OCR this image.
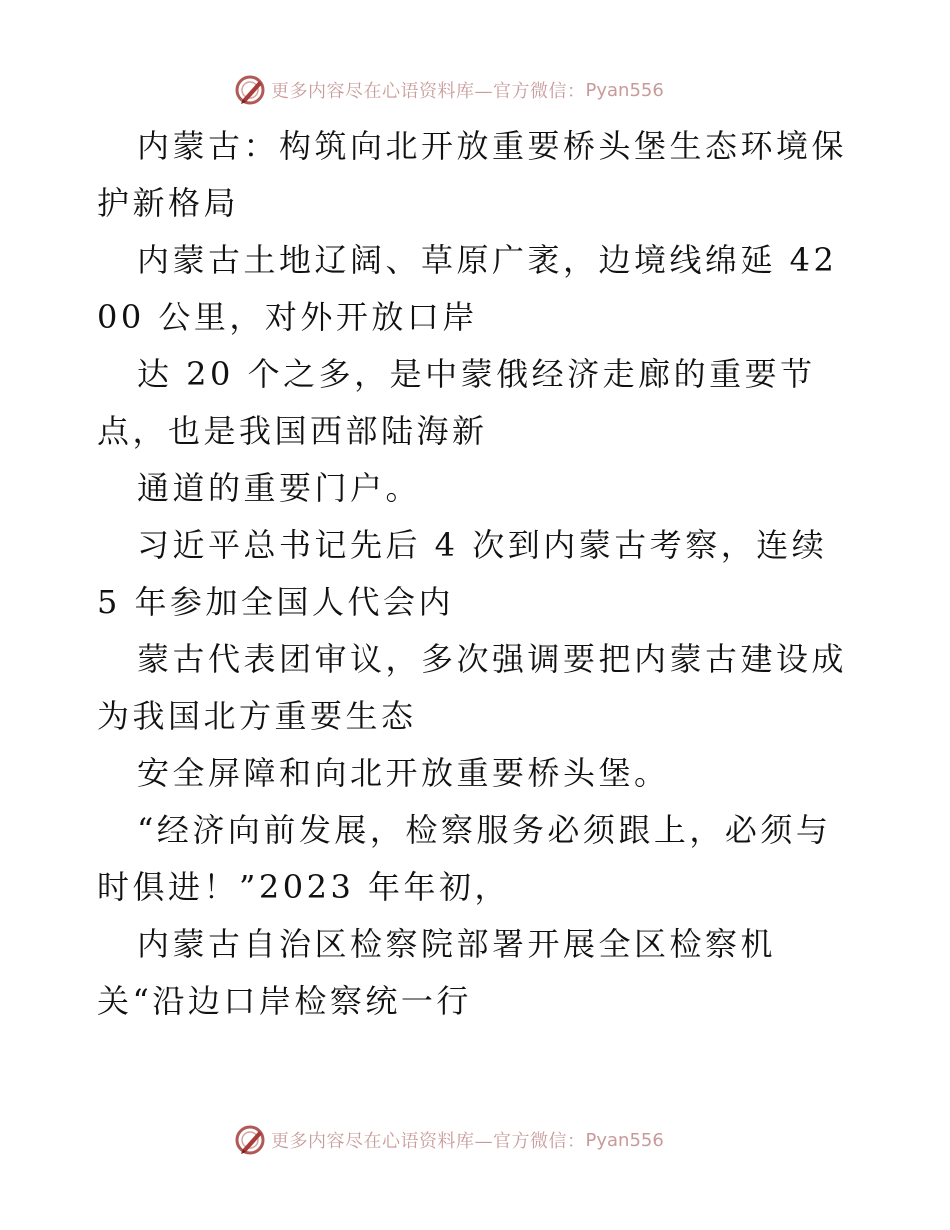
更多内容尽在心语资料库—官方微信： Pyan556

内蒙古：构筑向北开放重要桥头堡生态环境保护新格局

内蒙古土地辽阔、草原广袤，边境线绵延 4200 公里，对外开放口岸

达 20 个之多，是中蒙俄经济走廊的重要节点，也是我国西部陆海新

通道的重要门户。

习近平总书记先后 4 次到内蒙古考察，连续 5 年参加全国人代会内

蒙古代表团审议，多次强调要把内蒙古建设成为我国北方重要生态

安全屏障和向北开放重要桥头堡。

“经济向前发展，检察服务必须跟上，必须与时俱进！”2023 年年初，

内蒙古自治区检察院部署开展全区检察机关“沿边口岸检察统一行

更多内容尽在心语资料库—官方微信： Pyan556
